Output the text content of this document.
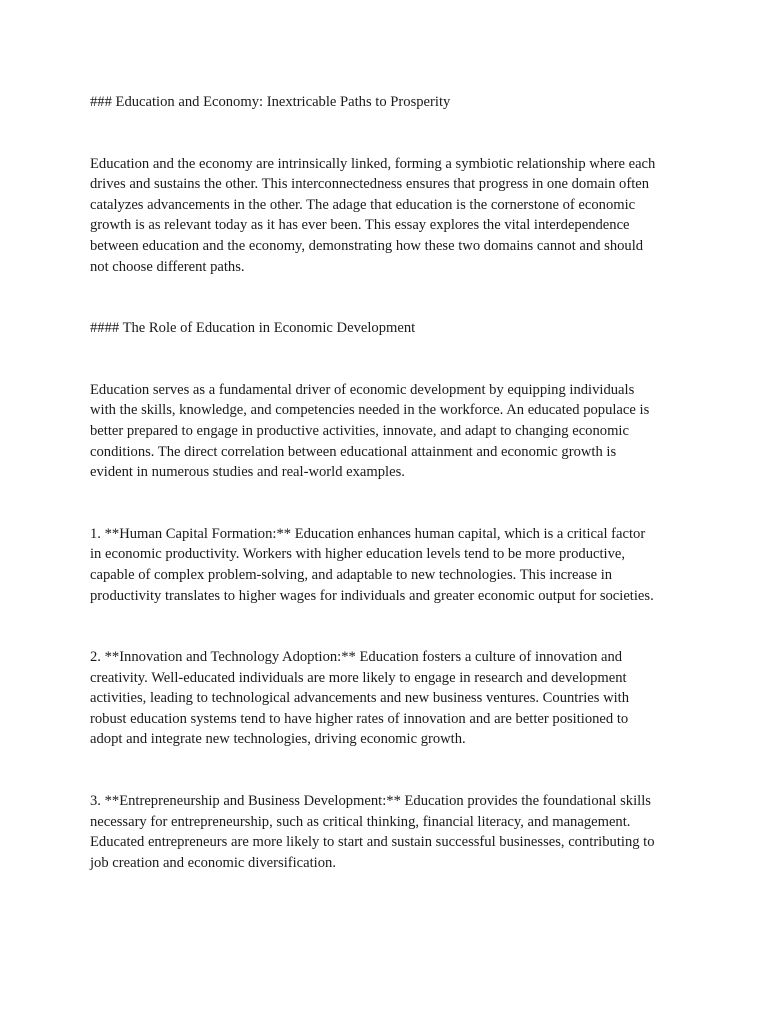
### Education and Economy: Inextricable Paths to Prosperity

Education and the economy are intrinsically linked, forming a symbiotic relationship where each
drives and sustains the other. This interconnectedness ensures that progress in one domain often
catalyzes advancements in the other. The adage that education is the cornerstone of economic
growth is as relevant today as it has ever been. This essay explores the vital interdependence
between education and the economy, demonstrating how these two domains cannot and should
not choose different paths.

#### The Role of Education in Economic Development

Education serves as a fundamental driver of economic development by equipping individuals
with the skills, knowledge, and competencies needed in the workforce. An educated populace is
better prepared to engage in productive activities, innovate, and adapt to changing economic
conditions. The direct correlation between educational attainment and economic growth is
evident in numerous studies and real-world examples.

1. **Human Capital Formation:** Education enhances human capital, which is a critical factor
in economic productivity. Workers with higher education levels tend to be more productive,
capable of complex problem-solving, and adaptable to new technologies. This increase in
productivity translates to higher wages for individuals and greater economic output for societies.

2. **Innovation and Technology Adoption:** Education fosters a culture of innovation and
creativity. Well-educated individuals are more likely to engage in research and development
activities, leading to technological advancements and new business ventures. Countries with
robust education systems tend to have higher rates of innovation and are better positioned to
adopt and integrate new technologies, driving economic growth.

3. **Entrepreneurship and Business Development:** Education provides the foundational skills
necessary for entrepreneurship, such as critical thinking, financial literacy, and management.
Educated entrepreneurs are more likely to start and sustain successful businesses, contributing to
job creation and economic diversification.
